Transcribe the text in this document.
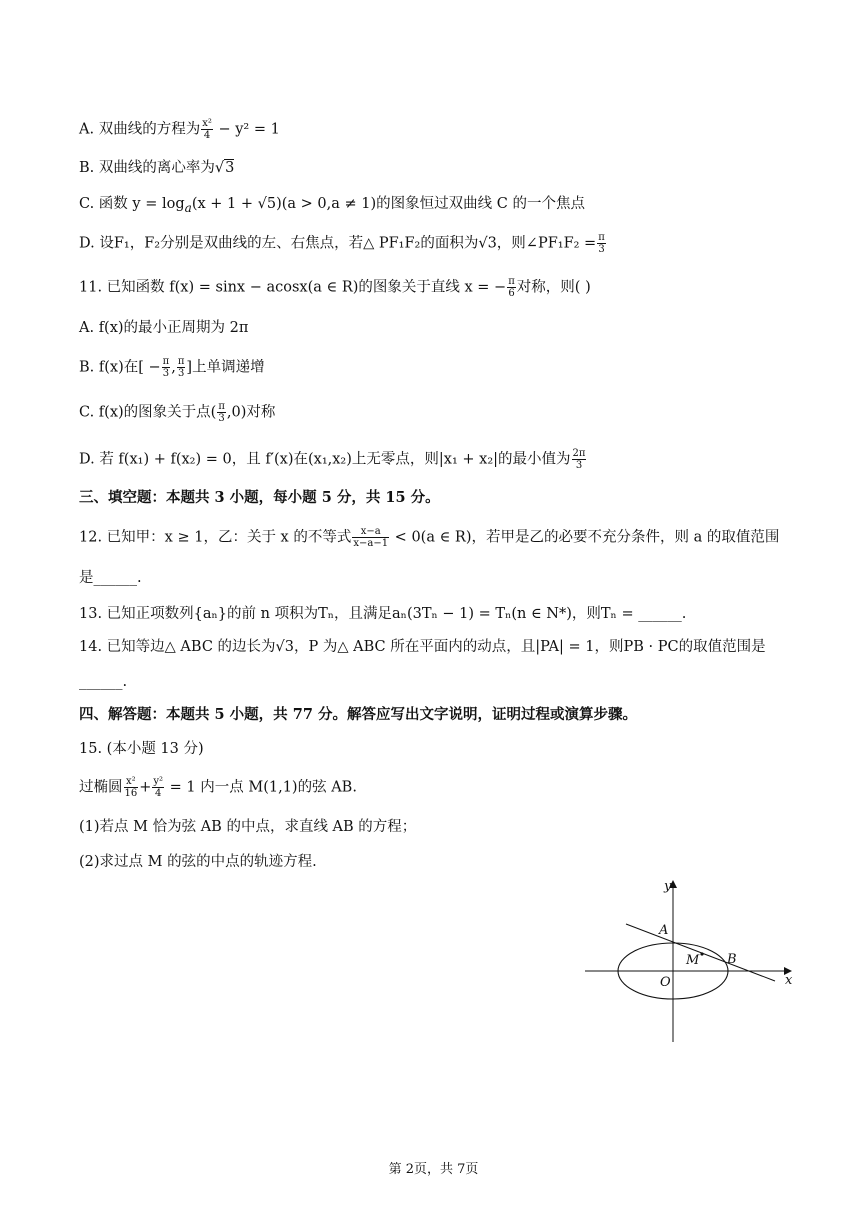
A. 双曲线的方程为 $\frac{\text{x²}}{4} - y^2 = 1$
B. 双曲线的离心率为√3
C. 函数 $y = \log_a(x + 1 + √5)(a > 0,a \ne 1)$的图象恒过双曲线 C 的一个焦点
D. 设F₁，F₂分别是双曲线的左、右焦点，若△ PF₁F₂的面积为√3，则∠PF₁F₂ = $\frac{\pi}{3}$
11. 已知函数 f(x) = sinx − acosx(a ∈ R)的图象关于直线 x = − $\frac{\pi}{6}$ 对称，则( )
A. f(x)的最小正周期为 2π
B. f(x)在[ − $\frac{\pi}{3}$ , $\frac{\pi}{3}$ ]上单调递增
C. f(x)的图象关于点( $\frac{\pi}{3} ,0$)对称
D. 若 f(x₁) + f(x₂) = 0，且 f′(x)在(x₁,x₂)上无零点，则|x₁ + x₂|的最小值为 $\frac{2\pi}{3}$
三、填空题：本题共 3 小题，每小题 5 分，共 15 分。
12. 已知甲：x ≥ 1，乙：关于 x 的不等式 $\frac{x-a}{x-a-1} < 0(a$ ∈ R)，若甲是乙的必要不充分条件，则 a 的取值范围
是______.
13. 已知正项数列{aₙ}的前 n 项积为Tₙ，且满足aₙ(3Tₙ − 1) = Tₙ(n ∈ N*)，则Tₙ = ______.
14. 已知等边△ ABC 的边长为√3，P 为△ ABC 所在平面内的动点，且|PA| = 1，则PB · PC的取值范围是
______.
四、解答题：本题共 5 小题，共 77 分。解答应写出文字说明，证明过程或演算步骤。
15. (本小题 13 分)
过椭圆 $\frac{\text{x²}}{16} + \frac{\text{y²}}{4} = 1$ 内一点 M(1,1)的弦 AB.
(1)若点 M 恰为弦 AB 的中点，求直线 AB 的方程；
(2)求过点 M 的弦的中点的轨迹方程.
y
x
A
B
M
O
第 2页，共 7页
